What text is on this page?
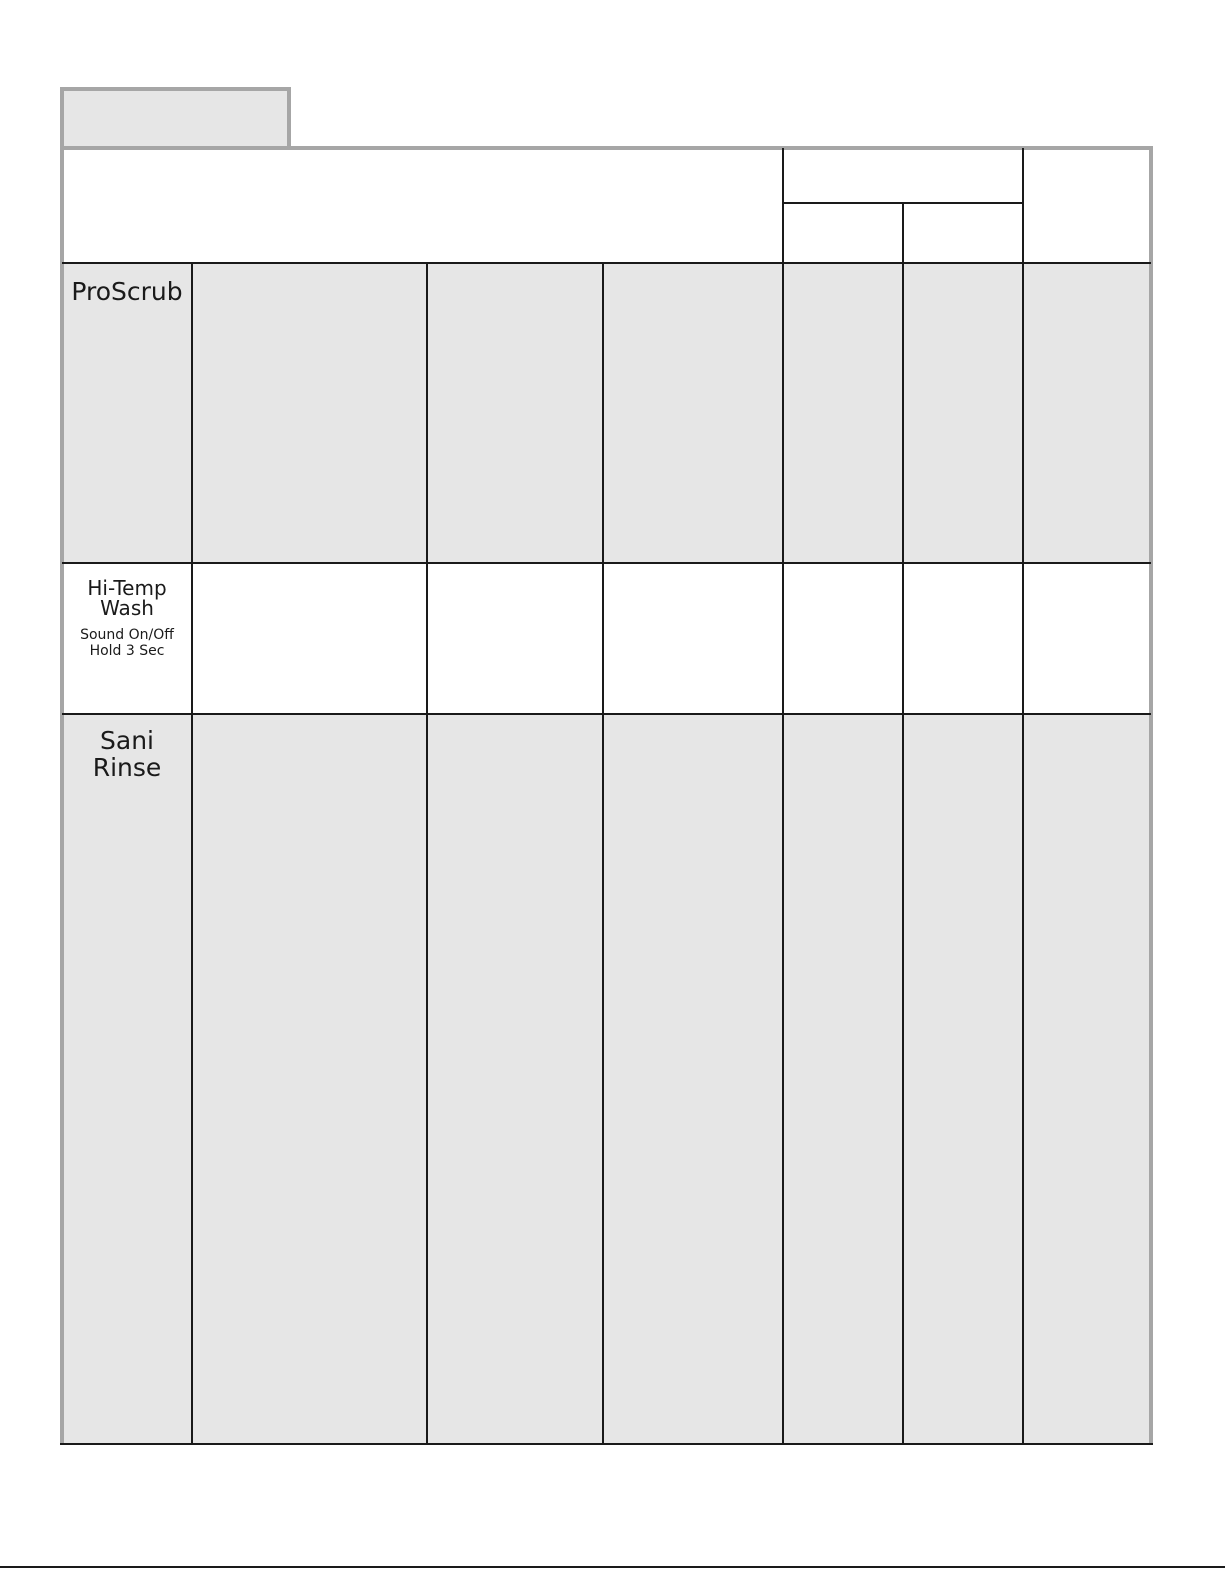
ProScrub
Hi-Temp
Wash
Sound On/Off
Hold 3 Sec
Sani
Rinse
